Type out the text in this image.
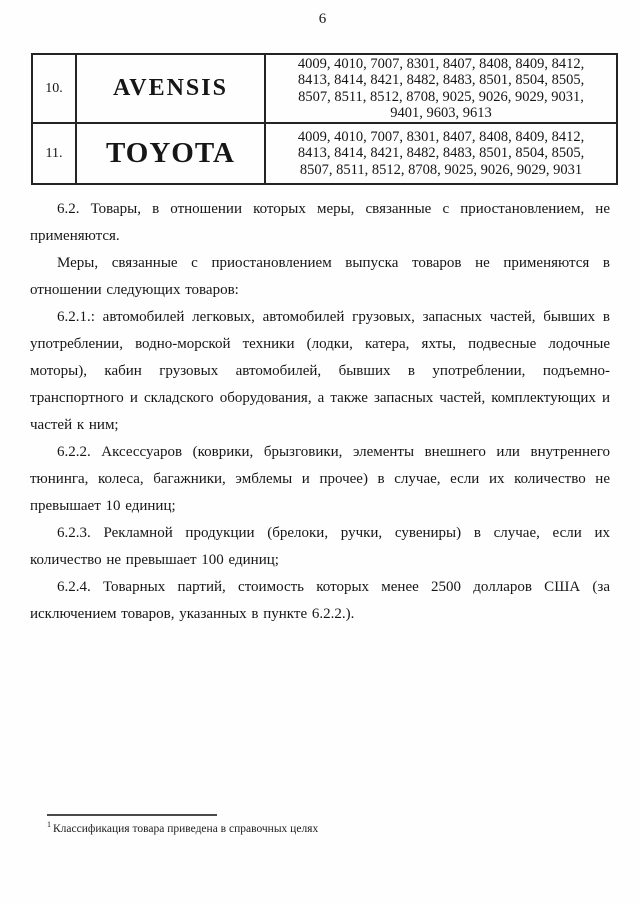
6
10.	AVENSIS	4009, 4010, 7007, 8301, 8407, 8408, 8409, 8412,
8413, 8414, 8421, 8482, 8483, 8501, 8504, 8505,
8507, 8511, 8512, 8708, 9025, 9026, 9029, 9031,
9401, 9603, 9613

11.	TOYOTA	4009, 4010, 7007, 8301, 8407, 8408, 8409, 8412,
8413, 8414, 8421, 8482, 8483, 8501, 8504, 8505,
8507, 8511, 8512, 8708, 9025, 9026, 9029, 9031

6.2. Товары, в отношении которых меры, связанные с приостановлением, не применяются.

Меры, связанные с приостановлением выпуска товаров не применяются в отношении следующих товаров:

6.2.1.: автомобилей легковых, автомобилей грузовых, запасных частей, бывших в употреблении, водно-морской техники (лодки, катера, яхты, подвесные лодочные моторы), кабин грузовых автомобилей, бывших в употреблении, подъемно-транспортного и складского оборудования, а также запасных частей, комплектующих и частей к ним;

6.2.2. Аксессуаров (коврики, брызговики, элементы внешнего или внутреннего тюнинга, колеса, багажники, эмблемы и прочее) в случае, если их количество не превышает 10 единиц;

6.2.3. Рекламной продукции (брелоки, ручки, сувениры) в случае, если их количество не превышает 100 единиц;

6.2.4. Товарных партий, стоимость которых менее 2500 долларов США (за исключением товаров, указанных в пункте 6.2.2.).

$^1$ Классификация товара приведена в справочных целях
